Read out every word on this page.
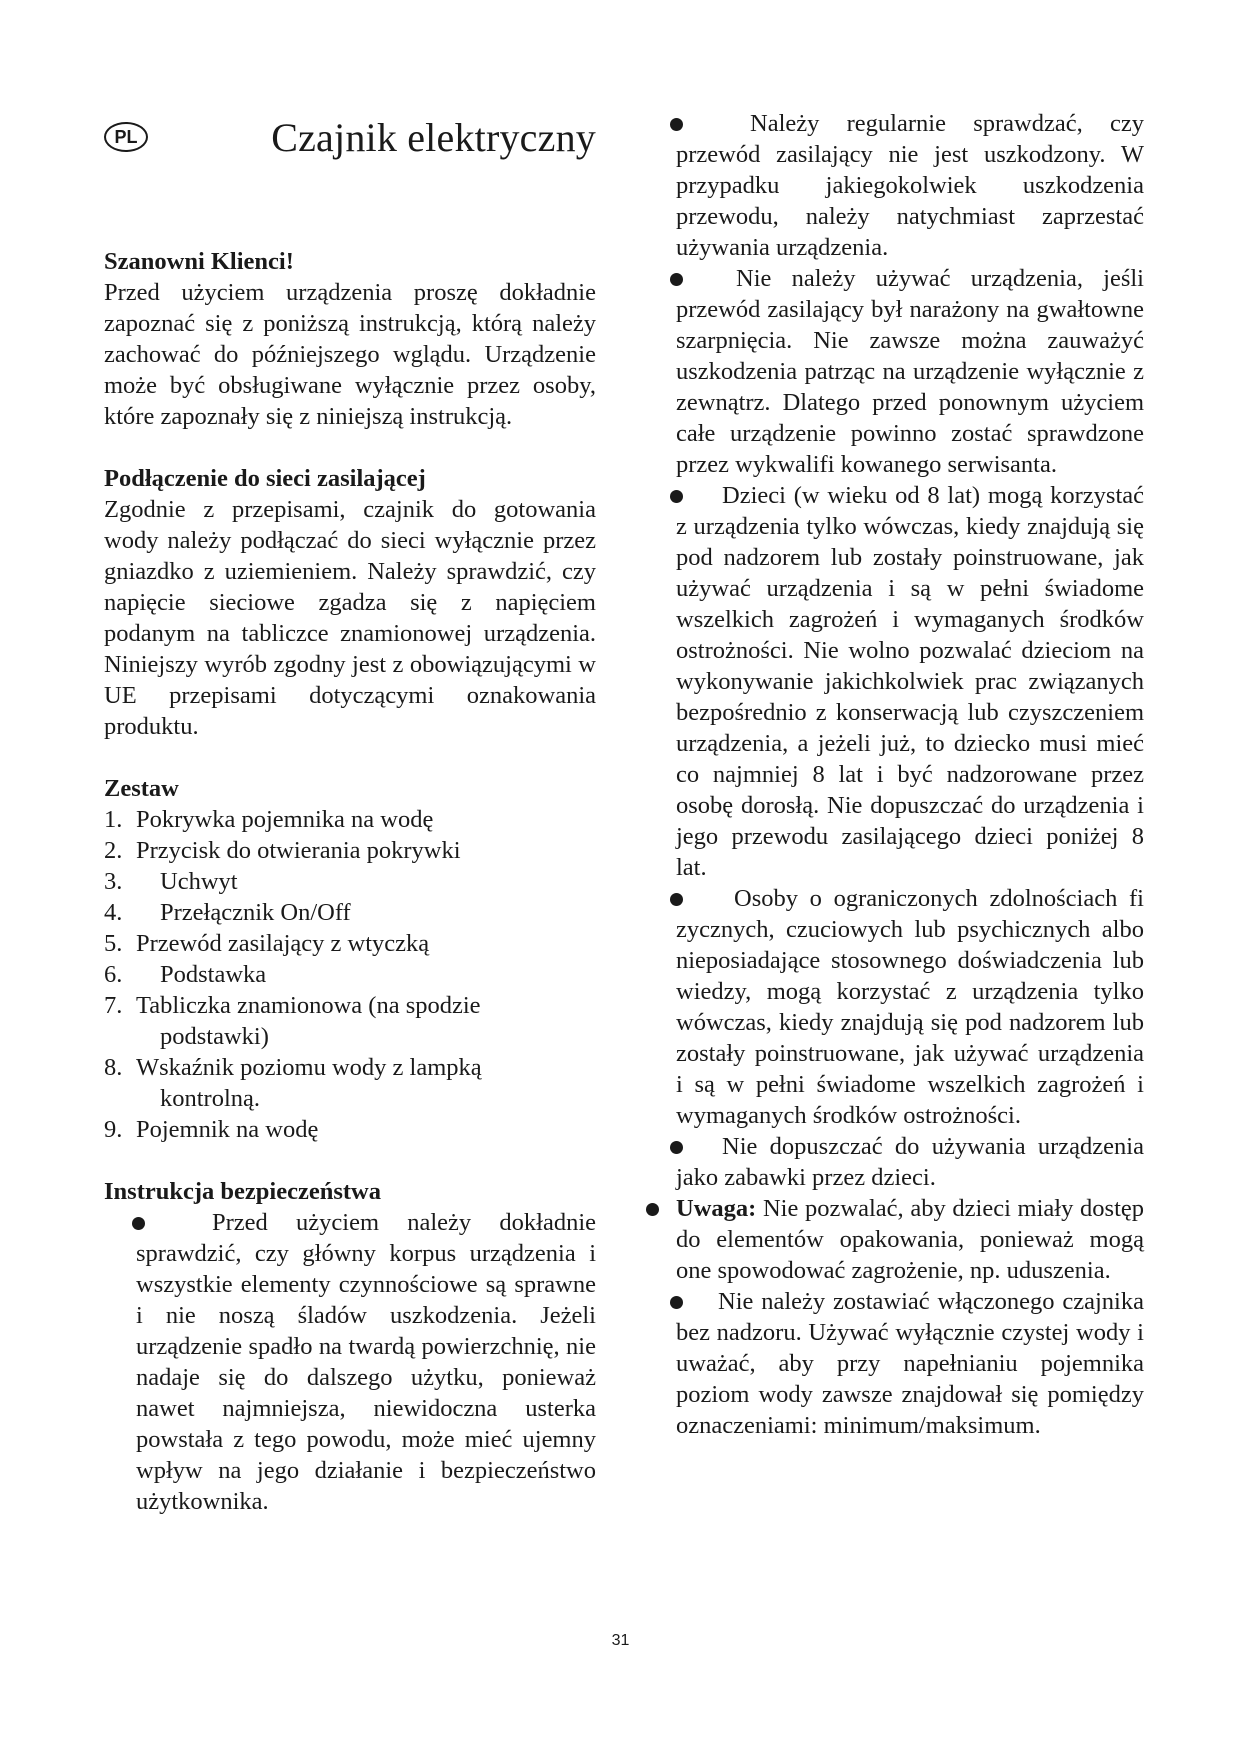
PL	Czajnik elektryczny

Szanowni Klienci!

Przed użyciem urządzenia proszę dokładnie zapoznać się z poniższą instrukcją, którą należy zachować do późniejszego wglądu. Urządzenie może być obsługiwane wyłącznie przez osoby, które zapoznały się z niniejszą instrukcją.

Podłączenie do sieci zasilającej

Zgodnie z przepisami, czajnik do gotowania wody należy podłączać do sieci wyłącznie przez gniazdko z uziemieniem. Należy sprawdzić, czy napięcie sieciowe zgadza się z napięciem podanym na tabliczce znamionowej urządzenia. Niniejszy wyrób zgodny jest z obowiązującymi w UE przepisami dotyczącymi oznakowania produktu.

Zestaw

1. Pokrywka pojemnika na wodę
2. Przycisk do otwierania pokrywki
3.	Uchwyt
4.	Przełącznik On/Off
5. Przewód zasilający z wtyczką
6.	Podstawka
7. Tabliczka znamionowa (na spodzie
podstawki)
8. Wskaźnik poziomu wody z lampką
kontrolną.
9. Pojemnik na wodę

Instrukcja bezpieczeństwa

Przed użyciem należy dokładnie sprawdzić, czy główny korpus urządzenia i wszystkie elementy czynnościowe są sprawne i nie noszą śladów uszkodzenia. Jeżeli urządzenie spadło na twardą powierzchnię, nie nadaje się do dalszego użytku, ponieważ nawet najmniejsza, niewidoczna usterka powstała z tego powodu, może mieć ujemny wpływ na jego działanie i bezpieczeństwo użytkownika.

Należy regularnie sprawdzać, czy przewód zasilający nie jest uszkodzony. W przypadku jakiegokolwiek uszkodzenia przewodu, należy natychmiast zaprzestać używania urządzenia.

Nie należy używać urządzenia, jeśli przewód zasilający był narażony na gwałtowne szarpnięcia. Nie zawsze można zauważyć uszkodzenia patrząc na urządzenie wyłącznie z zewnątrz. Dlatego przed ponownym użyciem całe urządzenie powinno zostać sprawdzone przez wykwalifi kowanego serwisanta.

Dzieci (w wieku od 8 lat) mogą korzystać z urządzenia tylko wówczas, kiedy znajdują się pod nadzorem lub zostały poinstruowane, jak używać urządzenia i są w pełni świadome wszelkich zagrożeń i wymaganych środków ostrożności. Nie wolno pozwalać dzieciom na wykonywanie jakichkolwiek prac związanych bezpośrednio z konserwacją lub czyszczeniem urządzenia, a jeżeli już, to dziecko musi mieć co najmniej 8 lat i być nadzorowane przez osobę dorosłą. Nie dopuszczać do urządzenia i jego przewodu zasilającego dzieci poniżej 8 lat.

Osoby o ograniczonych zdolnościach fi zycznych, czuciowych lub psychicznych albo nieposiadające stosownego doświadczenia lub wiedzy, mogą korzystać z urządzenia tylko wówczas, kiedy znajdują się pod nadzorem lub zostały poinstruowane, jak używać urządzenia i są w pełni świadome wszelkich zagrożeń i wymaganych środków ostrożności.

Nie dopuszczać do używania urządzenia jako zabawki przez dzieci.

Uwaga: Nie pozwalać, aby dzieci miały dostęp do elementów opakowania, ponieważ mogą one spowodować zagrożenie, np. uduszenia.

Nie należy zostawiać włączonego czajnika bez nadzoru. Używać wyłącznie czystej wody i uważać, aby przy napełnianiu pojemnika poziom wody zawsze znajdował się pomiędzy oznaczeniami: minimum/maksimum.

31
